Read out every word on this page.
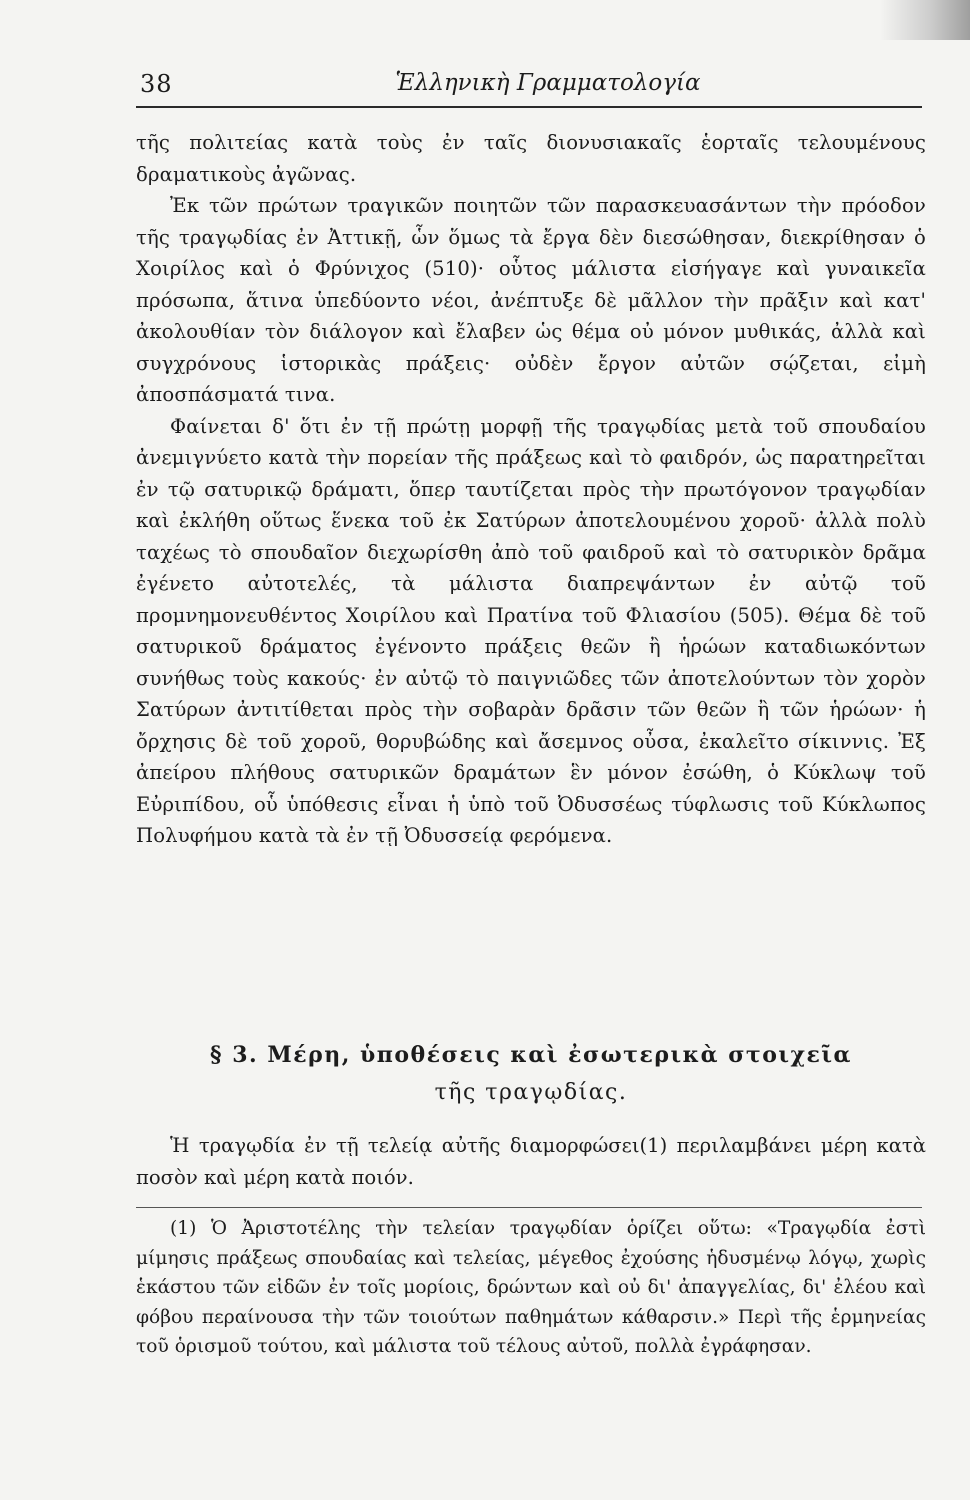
38	Ἑλληνικὴ Γραμματολογία

τῆς πολιτείας κατὰ τοὺς ἐν ταῖς διονυσιακαῖς ἑορταῖς τελουμένους δραματικοὺς ἀγῶνας.

Ἐκ τῶν πρώτων τραγικῶν ποιητῶν τῶν παρασκευασάντων τὴν πρόοδον τῆς τραγῳδίας ἐν Ἀττικῇ, ὧν ὅμως τὰ ἔργα δὲν διεσώθησαν, διεκρίθησαν ὁ Χοιρίλος καὶ ὁ Φρύνιχος (510)· οὗτος μάλιστα εἰσήγαγε καὶ γυναικεῖα πρόσωπα, ἅτινα ὑπεδύοντο νέοι, ἀνέπτυξε δὲ μᾶλλον τὴν πρᾶξιν καὶ κατ' ἀκολουθίαν τὸν διάλογον καὶ ἔλαβεν ὡς θέμα οὐ μόνον μυθικάς, ἀλλὰ καὶ συγχρόνους ἱστορικὰς πράξεις· οὐδὲν ἔργον αὐτῶν σῴζεται, εἰμὴ ἀποσπάσματά τινα.

Φαίνεται δ' ὅτι ἐν τῇ πρώτῃ μορφῇ τῆς τραγῳδίας μετὰ τοῦ σπουδαίου ἀνεμιγνύετο κατὰ τὴν πορείαν τῆς πράξεως καὶ τὸ φαιδρόν, ὡς παρατηρεῖται ἐν τῷ σατυρικῷ δράματι, ὅπερ ταυτίζεται πρὸς τὴν πρωτόγονον τραγῳδίαν καὶ ἐκλήθη οὕτως ἕνεκα τοῦ ἐκ Σατύρων ἀποτελουμένου χοροῦ· ἀλλὰ πολὺ ταχέως τὸ σπουδαῖον διεχωρίσθη ἀπὸ τοῦ φαιδροῦ καὶ τὸ σατυρικὸν δρᾶμα ἐγένετο αὐτοτελές, τὰ μάλιστα διαπρεψάντων ἐν αὐτῷ τοῦ προμνημονευθέντος Χοιρίλου καὶ Πρατίνα τοῦ Φλιασίου (505). Θέμα δὲ τοῦ σατυρικοῦ δράματος ἐγένοντο πράξεις θεῶν ἢ ἡρώων καταδιωκόντων συνήθως τοὺς κακούς· ἐν αὐτῷ τὸ παιγνιῶδες τῶν ἀποτελούντων τὸν χορὸν Σατύρων ἀντιτίθεται πρὸς τὴν σοβαρὰν δρᾶσιν τῶν θεῶν ἢ τῶν ἡρώων· ἡ ὄρχησις δὲ τοῦ χοροῦ, θορυβώδης καὶ ἄσεμνος οὖσα, ἐκαλεῖτο σίκιννις. Ἐξ ἀπείρου πλήθους σατυρικῶν δραμάτων ἓν μόνον ἐσώθη, ὁ Κύκλωψ τοῦ Εὐριπίδου, οὗ ὑπόθεσις εἶναι ἡ ὑπὸ τοῦ Ὀδυσσέως τύφλωσις τοῦ Κύκλωπος Πολυφήμου κατὰ τὰ ἐν τῇ Ὀδυσσείᾳ φερόμενα.

§ 3. Μέρη, ὑποθέσεις καὶ ἐσωτερικὰ στοιχεῖα
τῆς τραγῳδίας.

Ἡ τραγῳδία ἐν τῇ τελείᾳ αὐτῆς διαμορφώσει(1) περιλαμβάνει μέρη κατὰ ποσὸν καὶ μέρη κατὰ ποιόν.

(1) Ὁ Ἀριστοτέλης τὴν τελείαν τραγῳδίαν ὁρίζει οὕτω: «Τραγῳδία ἐστὶ μίμησις πράξεως σπουδαίας καὶ τελείας, μέγεθος ἐχούσης ἡδυσμένῳ λόγῳ, χωρὶς ἑκάστου τῶν εἰδῶν ἐν τοῖς μορίοις, δρώντων καὶ οὐ δι' ἀπαγγελίας, δι' ἐλέου καὶ φόβου περαίνουσα τὴν τῶν τοιούτων παθημάτων κάθαρσιν.» Περὶ τῆς ἑρμηνείας τοῦ ὁρισμοῦ τούτου, καὶ μάλιστα τοῦ τέλους αὐτοῦ, πολλὰ ἐγράφησαν.
